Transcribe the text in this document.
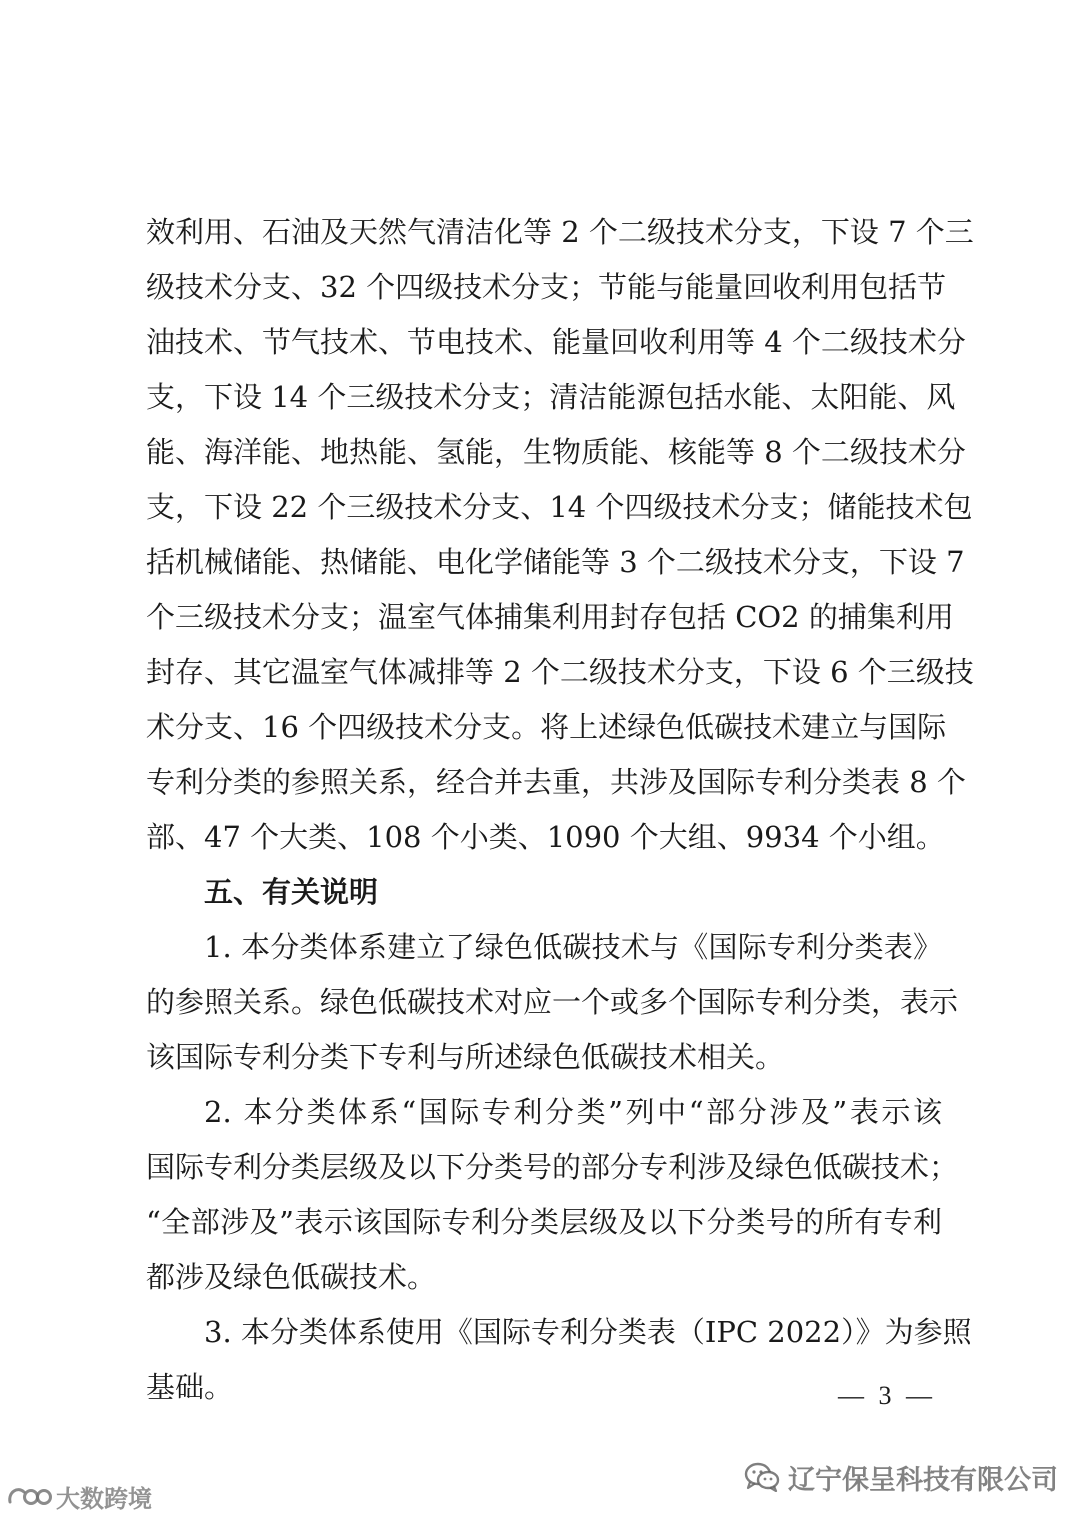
效利用、石油及天然气清洁化等 2 个二级技术分支，下设 7 个三
级技术分支、32 个四级技术分支；节能与能量回收利用包括节
油技术、节气技术、节电技术、能量回收利用等 4 个二级技术分
支，下设 14 个三级技术分支；清洁能源包括水能、太阳能、风
能、海洋能、地热能、氢能，生物质能、核能等 8 个二级技术分
支，下设 22 个三级技术分支、14 个四级技术分支；储能技术包
括机械储能、热储能、电化学储能等 3 个二级技术分支，下设 7
个三级技术分支；温室气体捕集利用封存包括 CO2 的捕集利用
封存、其它温室气体减排等 2 个二级技术分支，下设 6 个三级技
术分支、16 个四级技术分支。将上述绿色低碳技术建立与国际
专利分类的参照关系，经合并去重，共涉及国际专利分类表 8 个
部、47 个大类、108 个小类、1090 个大组、9934 个小组。
五、有关说明
1. 本分类体系建立了绿色低碳技术与《国际专利分类表》
的参照关系。绿色低碳技术对应一个或多个国际专利分类，表示
该国际专利分类下专利与所述绿色低碳技术相关。
2. 本分类体系“国际专利分类”列中“部分涉及”表示该
国际专利分类层级及以下分类号的部分专利涉及绿色低碳技术；
“全部涉及”表示该国际专利分类层级及以下分类号的所有专利
都涉及绿色低碳技术。
3. 本分类体系使用《国际专利分类表（IPC 2022）》为参照
基础。	— 3 —
辽宁保呈科技有限公司
大数跨境
